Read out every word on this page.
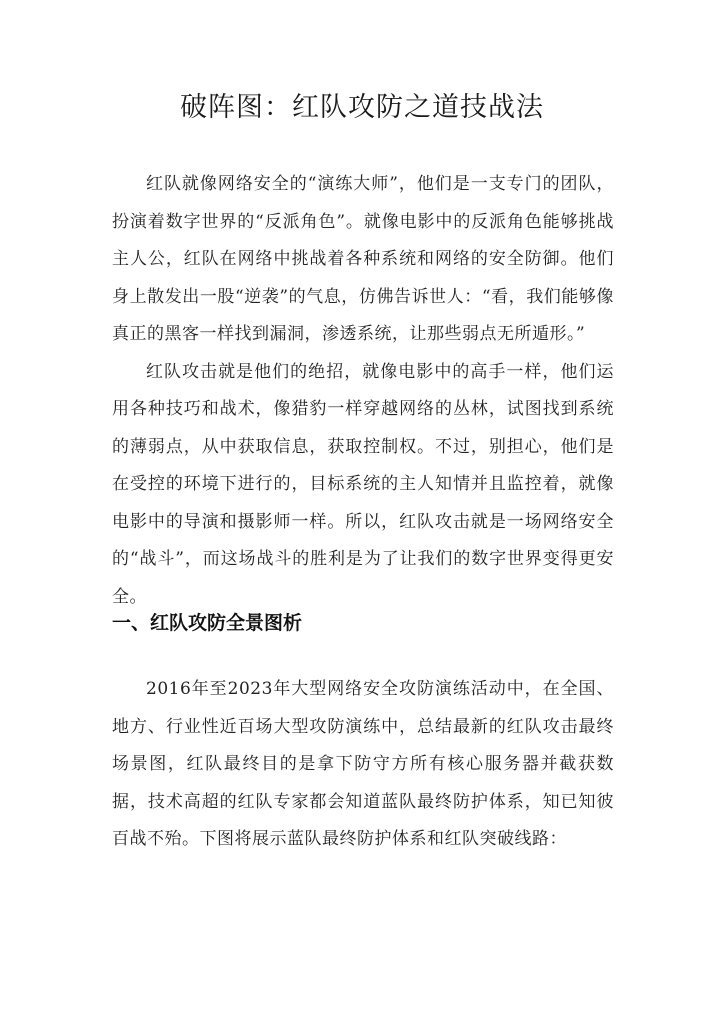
破阵图：红队攻防之道技战法

红队就像网络安全的“演练大师”，他们是一支专门的团队，扮演着数字世界的“反派角色”。就像电影中的反派角色能够挑战主人公，红队在网络中挑战着各种系统和网络的安全防御。他们身上散发出一股“逆袭”的气息，仿佛告诉世人：“看，我们能够像真正的黑客一样找到漏洞，渗透系统，让那些弱点无所遁形。”

红队攻击就是他们的绝招，就像电影中的高手一样，他们运用各种技巧和战术，像猎豹一样穿越网络的丛林，试图找到系统的薄弱点，从中获取信息，获取控制权。不过，别担心，他们是在受控的环境下进行的，目标系统的主人知情并且监控着，就像电影中的导演和摄影师一样。所以，红队攻击就是一场网络安全的“战斗”，而这场战斗的胜利是为了让我们的数字世界变得更安全。

一、红队攻防全景图析

2016年至2023年大型网络安全攻防演练活动中，在全国、地方、行业性近百场大型攻防演练中，总结最新的红队攻击最终场景图，红队最终目的是拿下防守方所有核心服务器并截获数据，技术高超的红队专家都会知道蓝队最终防护体系，知已知彼百战不殆。下图将展示蓝队最终防护体系和红队突破线路：
